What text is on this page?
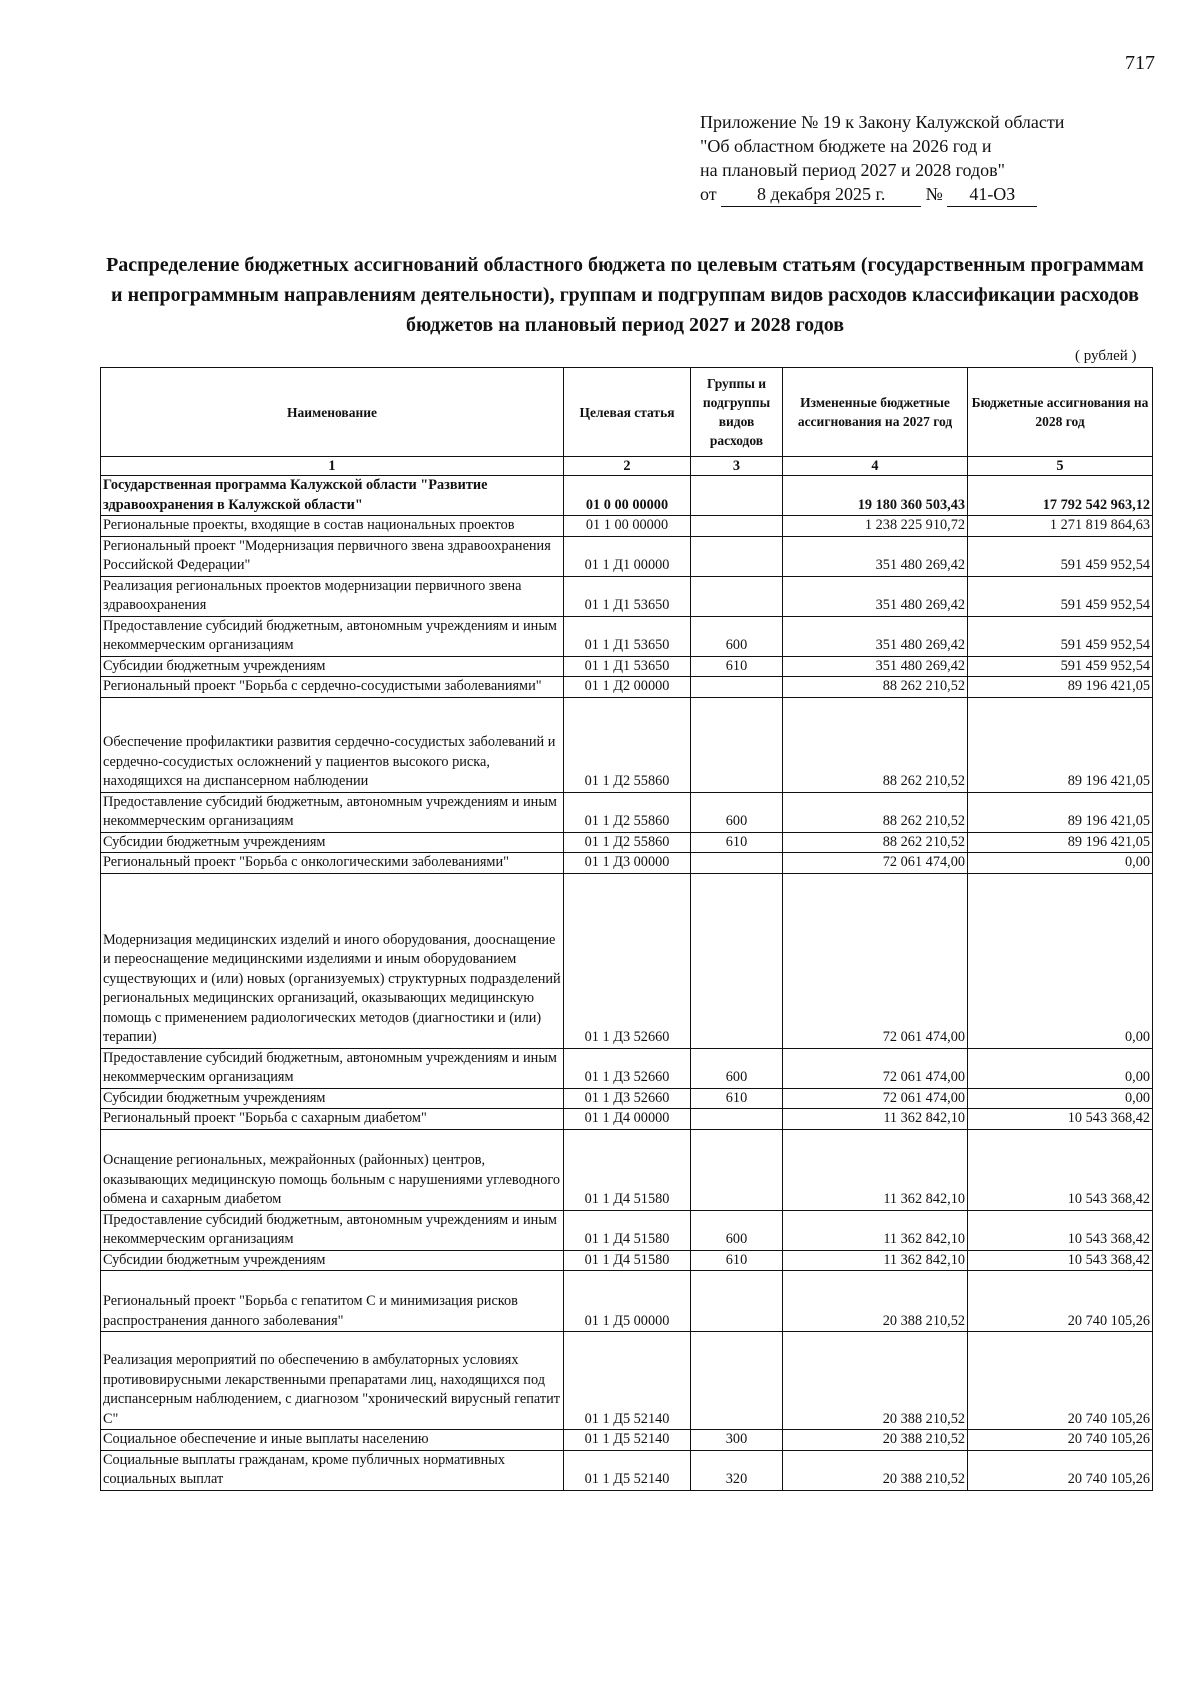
717
Приложение № 19 к Закону Калужской области
"Об областном бюджете на 2026 год и
на плановый период 2027 и 2028 годов"
от 8 декабря 2025 г. № 41-ОЗ
Распределение бюджетных ассигнований областного бюджета по целевым статьям (государственным программам и непрограммным направлениям деятельности), группам и подгруппам видов расходов классификации расходов бюджетов на плановый период 2027 и 2028 годов
( рублей )
Наименование	Целевая статья	Группы и подгруппы видов расходов	Измененные бюджетные ассигнования на 2027 год	Бюджетные ассигнования на 2028 год
1	2	3	4	5
Государственная программа Калужской области "Развитие здравоохранения в Калужской области"	01 0 00 00000		19 180 360 503,43	17 792 542 963,12
Региональные проекты, входящие в состав национальных проектов	01 1 00 00000		1 238 225 910,72	1 271 819 864,63
Региональный проект "Модернизация первичного звена здравоохранения Российской Федерации"	01 1 Д1 00000		351 480 269,42	591 459 952,54
Реализация региональных проектов модернизации первичного звена здравоохранения	01 1 Д1 53650		351 480 269,42	591 459 952,54
Предоставление субсидий бюджетным, автономным учреждениям и иным некоммерческим организациям	01 1 Д1 53650	600	351 480 269,42	591 459 952,54
Субсидии бюджетным учреждениям	01 1 Д1 53650	610	351 480 269,42	591 459 952,54
Региональный проект "Борьба с сердечно-сосудистыми заболеваниями"	01 1 Д2 00000		88 262 210,52	89 196 421,05
Обеспечение профилактики развития сердечно-сосудистых заболеваний и сердечно-сосудистых осложнений у пациентов высокого риска, находящихся на диспансерном наблюдении	01 1 Д2 55860		88 262 210,52	89 196 421,05
Предоставление субсидий бюджетным, автономным учреждениям и иным некоммерческим организациям	01 1 Д2 55860	600	88 262 210,52	89 196 421,05
Субсидии бюджетным учреждениям	01 1 Д2 55860	610	88 262 210,52	89 196 421,05
Региональный проект "Борьба с онкологическими заболеваниями"	01 1 Д3 00000		72 061 474,00	0,00
Модернизация медицинских изделий и иного оборудования, дооснащение и переоснащение медицинскими изделиями и иным оборудованием существующих и (или) новых (организуемых) структурных подразделений региональных медицинских организаций, оказывающих медицинскую помощь с применением радиологических методов (диагностики и (или) терапии)	01 1 Д3 52660		72 061 474,00	0,00
Предоставление субсидий бюджетным, автономным учреждениям и иным некоммерческим организациям	01 1 Д3 52660	600	72 061 474,00	0,00
Субсидии бюджетным учреждениям	01 1 Д3 52660	610	72 061 474,00	0,00
Региональный проект "Борьба с сахарным диабетом"	01 1 Д4 00000		11 362 842,10	10 543 368,42
Оснащение региональных, межрайонных (районных) центров, оказывающих медицинскую помощь больным с нарушениями углеводного обмена и сахарным диабетом	01 1 Д4 51580		11 362 842,10	10 543 368,42
Предоставление субсидий бюджетным, автономным учреждениям и иным некоммерческим организациям	01 1 Д4 51580	600	11 362 842,10	10 543 368,42
Субсидии бюджетным учреждениям	01 1 Д4 51580	610	11 362 842,10	10 543 368,42
Региональный проект "Борьба с гепатитом С и минимизация рисков распространения данного заболевания"	01 1 Д5 00000		20 388 210,52	20 740 105,26
Реализация мероприятий по обеспечению в амбулаторных условиях противовирусными лекарственными препаратами лиц, находящихся под диспансерным наблюдением, с диагнозом "хронический вирусный гепатит С"	01 1 Д5 52140		20 388 210,52	20 740 105,26
Социальное обеспечение и иные выплаты населению	01 1 Д5 52140	300	20 388 210,52	20 740 105,26
Социальные выплаты гражданам, кроме публичных нормативных социальных выплат	01 1 Д5 52140	320	20 388 210,52	20 740 105,26
